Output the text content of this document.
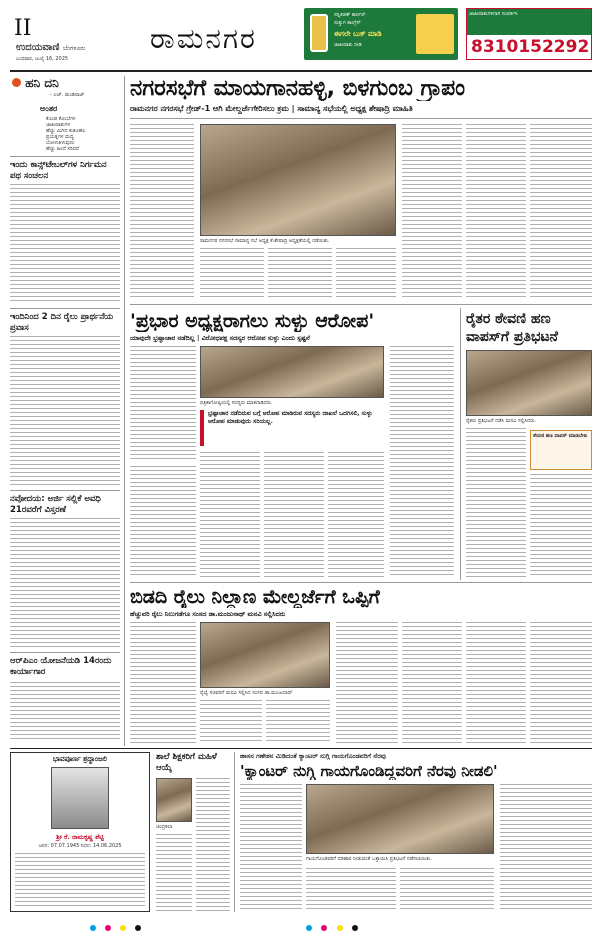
II
ಉದಯವಾಣಿ ಬೆಂಗಳೂರು
ಬುಧವಾರ, ಜುಲೈ 16, 2025
ರಾಮನಗರ
ಸನ್ನಿಕಿರಣ್ ಕಾರ್ನರ್
ಸುತ್ತುಗ ಕಾಂಗ್ರೆಸ್
ಈಗಲೇ ಬುಕ್ ಮಾಡಿ
ಜಾಹೀರಾತು ನೀಡಿ
ಜಾಹೀರಾತುಗಳಿಗಾಗಿ ಸಂಪರ್ಕಿಸಿ
8310152292
ಹನಿ ದನಿ
- ಎಚ್. ಡುಂಡಿರಾಜ್
ಅಂತರ
ಕೊಂಡ ಕೊಂಬೆಗಳ
ಜಾಹೀರಾತುಗಳ
ಹೆಚ್ಚು ಮಿಗಿದ ಕುತೂಹಲ
ಪ್ರಯತ್ನಗಳ ಮಧ್ಯ
ಬೋಳುತಿಳುವುದು
ಹೆಚ್ಚು ಹಿಂದೆ ಸರಿದರೆ
ಇಂದು ಕಾನ್ಸ್‌ಟೇಬಲ್‌ಗಳ ನಿರ್ಗಮನ ಪಥ ಸಂಚಲನ
ಇಂದಿನಿಂದ 2 ದಿನ ರೈಲು ಪ್ರಾರ್ಥನೆಯ ಪ್ರವಾಸ
ನವೋದಯ: ಅರ್ಜಿ ಸಲ್ಲಿಕೆ ಅವಧಿ 21ರವರೆಗೆ ವಿಸ್ತರಣೆ
ಆರ್‌ಪಿಎಂ ಯೋಜನೆಯಡಿ 14ರಂದು ಕಾರ್ಯಾಗಾರ
ನಗರಸಭೆಗೆ ಮಾಯಗಾನಹಳ್ಳಿ, ಬಿಳಗುಂಬ ಗ್ರಾಪಂ
ರಾಮನಗರ ನಗರಸಭೆ ಗ್ರೇಡ್-1 ಆಗಿ ಮೇಲ್ದರ್ಜೆಗೇರಿಸಲು ಕ್ರಮ | ಸಾಮಾನ್ಯ ಸಭೆಯಲ್ಲಿ ಅಧ್ಯಕ್ಷ ಶೇಷಾದ್ರಿ ಮಾಹಿತಿ
ರಾಮನಗರ ನಗರಸಭೆ ಸಾಮಾನ್ಯ ಸಭೆ ಅಧ್ಯಕ್ಷ ಕೆ.ಶೇಷಾದ್ರಿ ಅಧ್ಯಕ್ಷತೆಯಲ್ಲಿ ನಡೆಯಿತು.
'ಪ್ರಭಾರ ಅಧ್ಯಕ್ಷರಾಗಲು ಸುಳ್ಳು ಆರೋಪ'
ಯಾವುದೇ ಭ್ರಷ್ಟಾಚಾರ ನಡೆದಿಲ್ಲ | ವಿರೋಧಪಕ್ಷ ಸದಸ್ಯರ ಆರೋಪ ಸುಳ್ಳು ಎಂದು ಸ್ಪಷ್ಟನೆ
ಪತ್ರಿಕಾಗೋಷ್ಠಿಯಲ್ಲಿ ಸದಸ್ಯರು ಮಾತನಾಡಿದರು.
ಭ್ರಷ್ಟಾಚಾರ ನಡೆದಿರುವ ಬಗ್ಗೆ ಆರೋಪ ಮಾಡಿರುವ ಸದಸ್ಯರು ದಾಖಲೆ ಒದಗಿಸಲಿ, ಸುಳ್ಳು ಆರೋಪ ಮಾಡುವುದು ಸರಿಯಲ್ಲ.
ರೈತರ ಠೇವಣಿ ಹಣ ವಾಪಸ್‌ಗೆ ಪ್ರತಿಭಟನೆ
ರೈತರು ಪ್ರತಿಭಟನೆ ನಡೆಸಿ ಮನವಿ ಸಲ್ಲಿಸಿದರು.
ಠೇವಣಿ ಹಣ ವಾಪಸ್ ಮಾಡಬೇಕು
ಬಿಡದಿ ರೈಲು ನಿಲ್ದಾಣ ಮೇಲ್ದರ್ಜೆಗೆ ಒಪ್ಪಿಗೆ
ಹೆಚ್ಚುವರಿ ರೈಲು ನಿಲುಗಡೆಗೂ ಸಂಸದ ಡಾ.ಮಂಜುನಾಥ್ ಮನವಿ ಸಲ್ಲಿಸಿದರು
ರೈಲ್ವೆ ಸಚಿವರಿಗೆ ಮನವಿ ಸಲ್ಲಿಸಿದ ಸಂಸದ ಡಾ.ಮಂಜುನಾಥ್
ಭಾವಪೂರ್ಣ ಶ್ರದ್ಧಾಂಜಲಿ
ಶ್ರೀ ಕೆ. ರಾಮಕೃಷ್ಣ ಶೆಟ್ಟಿ
ಜನನ: 07.07.1945 ನಿಧನ: 14.06.2025
ಶಾಲೆ ಶಿಕ್ಷಕರಿಗೆ ಮಹಿಳೆ ಆಯ್ಕೆ
ಚಂದ್ರಕಲಾ
ಹಾಸನ ಗಣೇಶನ ಮಿಡಿದಂತೆ ಕ್ಯಾಂಟರ್ ನುಗ್ಗಿ ಗಾಯಗೊಂಡವರಿಗೆ ನೆರವು
'ಕ್ಯಾಂಟರ್ ನುಗ್ಗಿ ಗಾಯಗೊಂಡಿದ್ದವರಿಗೆ ನೆರವು ನೀಡಲಿ'
ಗಾಯಗೊಂಡವರಿಗೆ ಪರಿಹಾರ ನೀಡುವಂತೆ ಒತ್ತಾಯಿಸಿ ಪ್ರತಿಭಟನೆ ನಡೆಸಲಾಯಿತು.
